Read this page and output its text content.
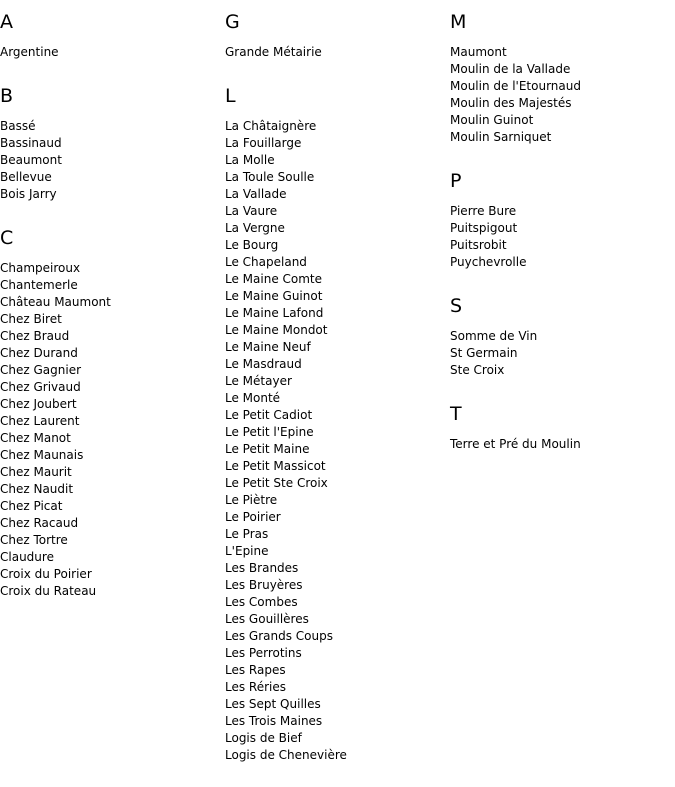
A
Argentine
B
Bassé
Bassinaud
Beaumont
Bellevue
Bois Jarry
C
Champeiroux
Chantemerle
Château Maumont
Chez Biret
Chez Braud
Chez Durand
Chez Gagnier
Chez Grivaud
Chez Joubert
Chez Laurent
Chez Manot
Chez Maunais
Chez Maurit
Chez Naudit
Chez Picat
Chez Racaud
Chez Tortre
Claudure
Croix du Poirier
Croix du Rateau
G
Grande Métairie
L
La Châtaignère
La Fouillarge
La Molle
La Toule Soulle
La Vallade
La Vaure
La Vergne
Le Bourg
Le Chapeland
Le Maine Comte
Le Maine Guinot
Le Maine Lafond
Le Maine Mondot
Le Maine Neuf
Le Masdraud
Le Métayer
Le Monté
Le Petit Cadiot
Le Petit l'Epine
Le Petit Maine
Le Petit Massicot
Le Petit Ste Croix
Le Piètre
Le Poirier
Le Pras
L'Epine
Les Brandes
Les Bruyères
Les Combes
Les Gouillères
Les Grands Coups
Les Perrotins
Les Rapes
Les Réries
Les Sept Quilles
Les Trois Maines
Logis de Bief
Logis de Chenevière
M
Maumont
Moulin de la Vallade
Moulin de l'Etournaud
Moulin des Majestés
Moulin Guinot
Moulin Sarniquet
P
Pierre Bure
Puitspigout
Puitsrobit
Puychevrolle
S
Somme de Vin
St Germain
Ste Croix
T
Terre et Pré du Moulin
